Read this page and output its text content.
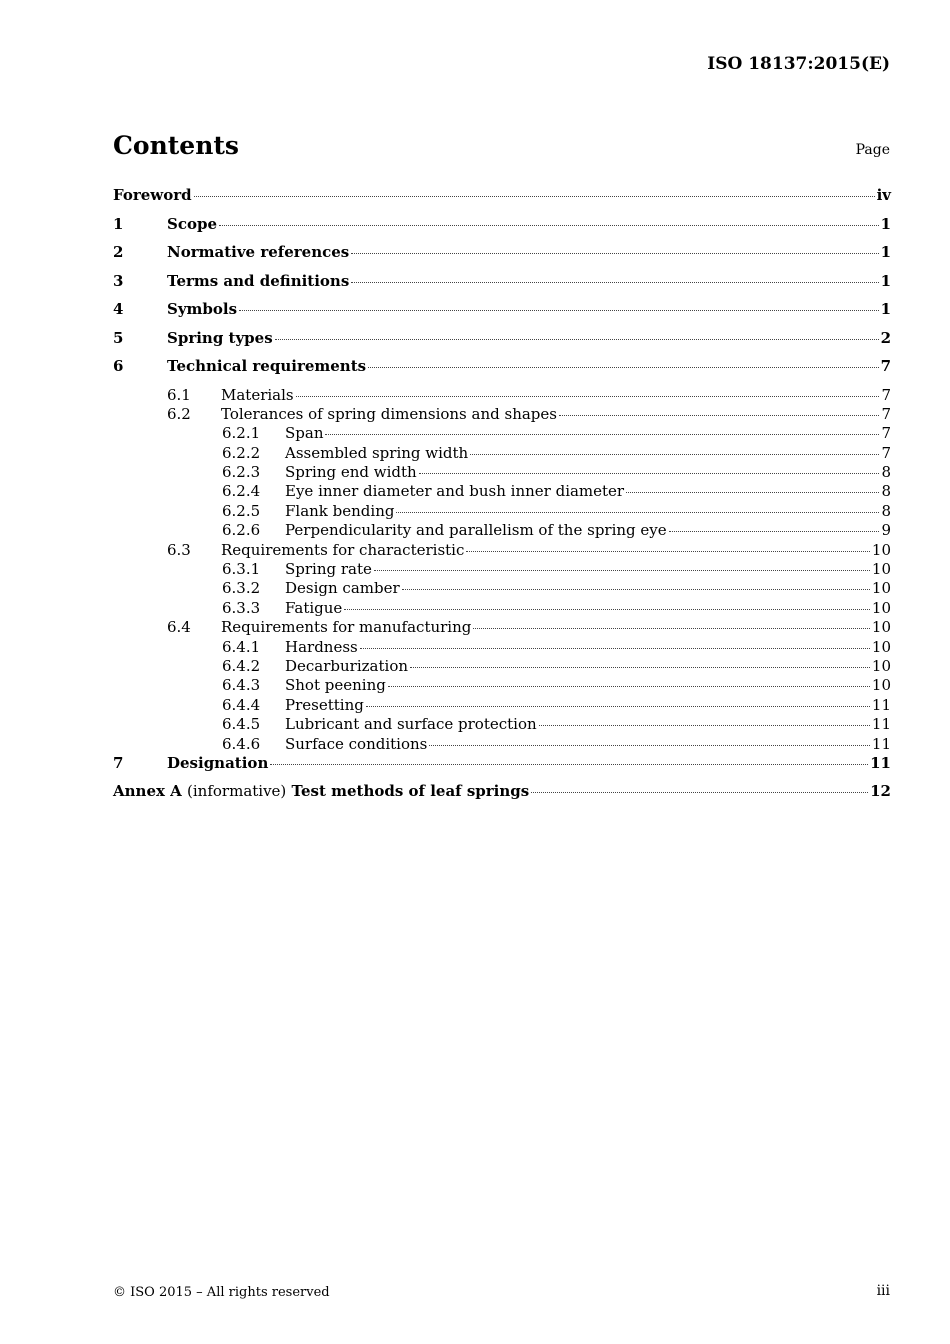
ISO 18137:2015(E)
Contents	Page
Foreword	iv
1	Scope	1
2	Normative references	1
3	Terms and definitions	1
4	Symbols	1
5	Spring types	2
6	Technical requirements	7
6.1	Materials	7
6.2	Tolerances of spring dimensions and shapes	7
6.2.1	Span	7
6.2.2	Assembled spring width	7
6.2.3	Spring end width	8
6.2.4	Eye inner diameter and bush inner diameter	8
6.2.5	Flank bending	8
6.2.6	Perpendicularity and parallelism of the spring eye	9
6.3	Requirements for characteristic	10
6.3.1	Spring rate	10
6.3.2	Design camber	10
6.3.3	Fatigue	10
6.4	Requirements for manufacturing	10
6.4.1	Hardness	10
6.4.2	Decarburization	10
6.4.3	Shot peening	10
6.4.4	Presetting	11
6.4.5	Lubricant and surface protection	11
6.4.6	Surface conditions	11
7	Designation	11
Annex A (informative) Test methods of leaf springs	12
© ISO 2015 – All rights reserved	iii
